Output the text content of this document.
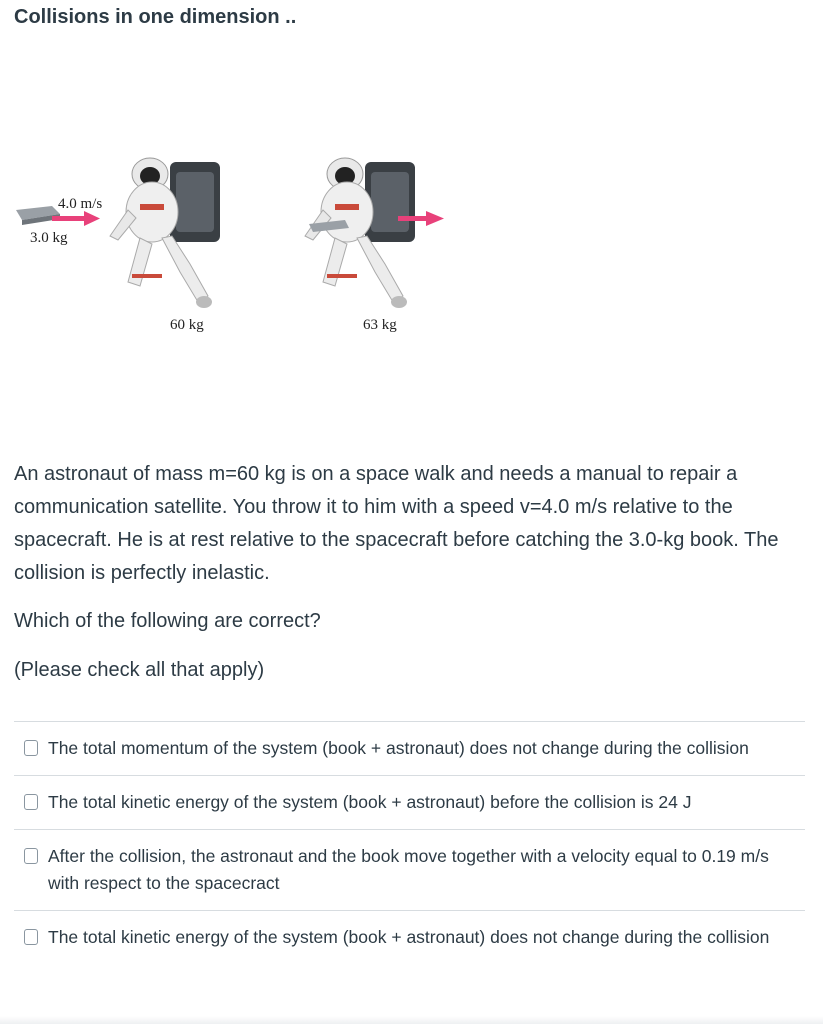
Collisions in one dimension ..
4.0 m/s
3.0 kg
60 kg	63 kg
An astronaut of mass m=60 kg is on a space walk and needs a manual to repair a communication satellite. You throw it to him with a speed v=4.0 m/s relative to the spacecraft. He is at rest relative to the spacecraft before catching the 3.0-kg book. The collision is perfectly inelastic.
Which of the following are correct?
(Please check all that apply)
The total momentum of the system (book + astronaut) does not change during the collision
The total kinetic energy of the system (book + astronaut) before the collision is 24 J
After the collision, the astronaut and the book move together with a velocity equal to 0.19 m/s with respect to the spacecract
The total kinetic energy of the system (book + astronaut) does not change during the collision
